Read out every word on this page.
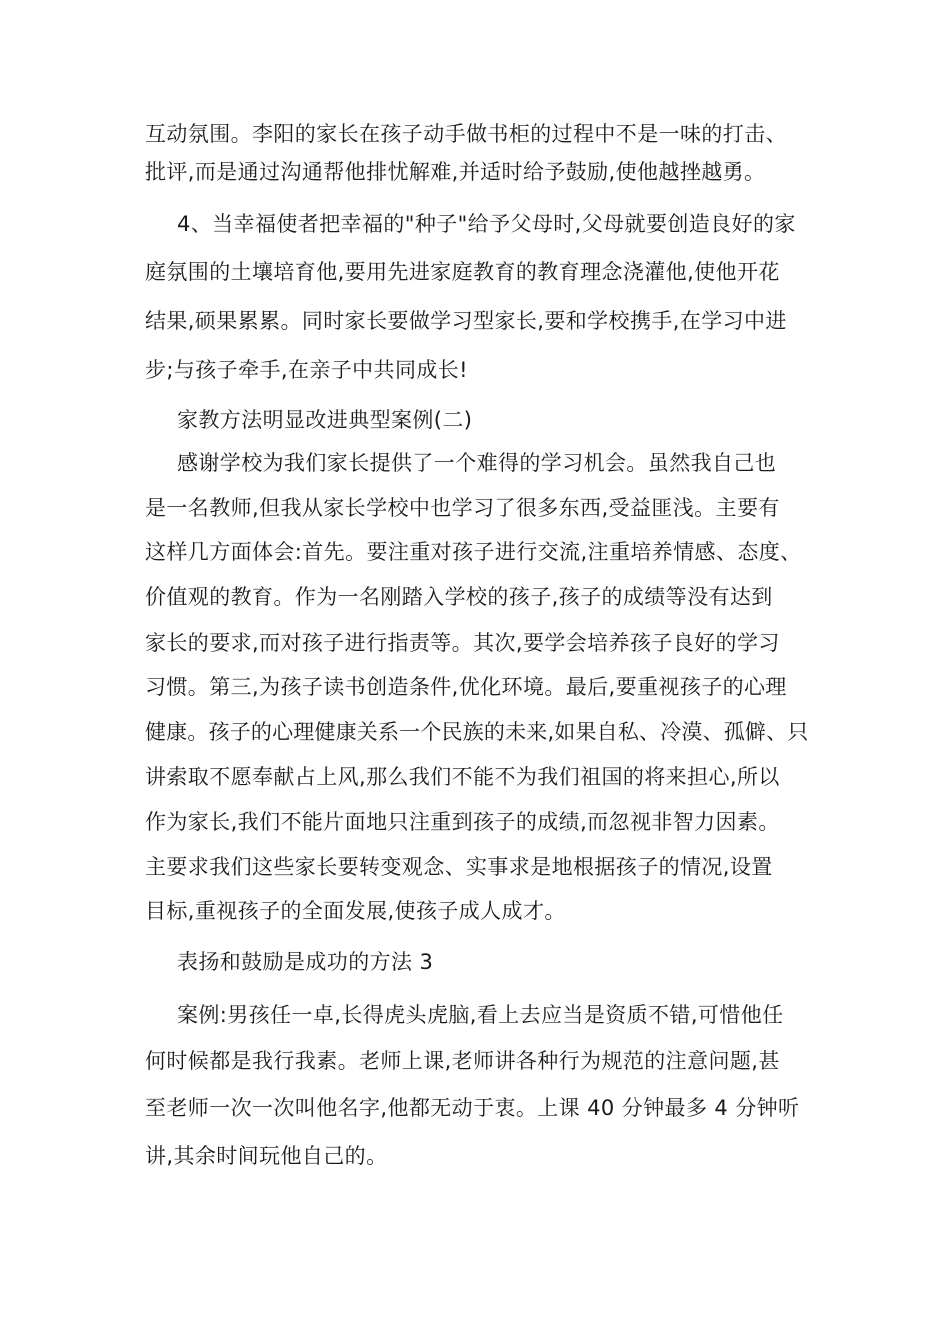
互动氛围。李阳的家长在孩子动手做书柜的过程中不是一味的打击、
批评,而是通过沟通帮他排忧解难,并适时给予鼓励,使他越挫越勇。
4、当幸福使者把幸福的"种子"给予父母时,父母就要创造良好的家
庭氛围的土壤培育他,要用先进家庭教育的教育理念浇灌他,使他开花
结果,硕果累累。同时家长要做学习型家长,要和学校携手,在学习中进
步;与孩子牵手,在亲子中共同成长!
家教方法明显改进典型案例(二)
感谢学校为我们家长提供了一个难得的学习机会。虽然我自己也
是一名教师,但我从家长学校中也学习了很多东西,受益匪浅。主要有
这样几方面体会:首先。要注重对孩子进行交流,注重培养情感、态度、
价值观的教育。作为一名刚踏入学校的孩子,孩子的成绩等没有达到
家长的要求,而对孩子进行指责等。其次,要学会培养孩子良好的学习
习惯。第三,为孩子读书创造条件,优化环境。最后,要重视孩子的心理
健康。孩子的心理健康关系一个民族的未来,如果自私、冷漠、孤僻、只
讲索取不愿奉献占上风,那么我们不能不为我们祖国的将来担心,所以
作为家长,我们不能片面地只注重到孩子的成绩,而忽视非智力因素。
主要求我们这些家长要转变观念、实事求是地根据孩子的情况,设置
目标,重视孩子的全面发展,使孩子成人成才。
表扬和鼓励是成功的方法 3
案例:男孩任一卓,长得虎头虎脑,看上去应当是资质不错,可惜他任
何时候都是我行我素。老师上课,老师讲各种行为规范的注意问题,甚
至老师一次一次叫他名字,他都无动于衷。上课 40 分钟最多 4 分钟听
讲,其余时间玩他自己的。
